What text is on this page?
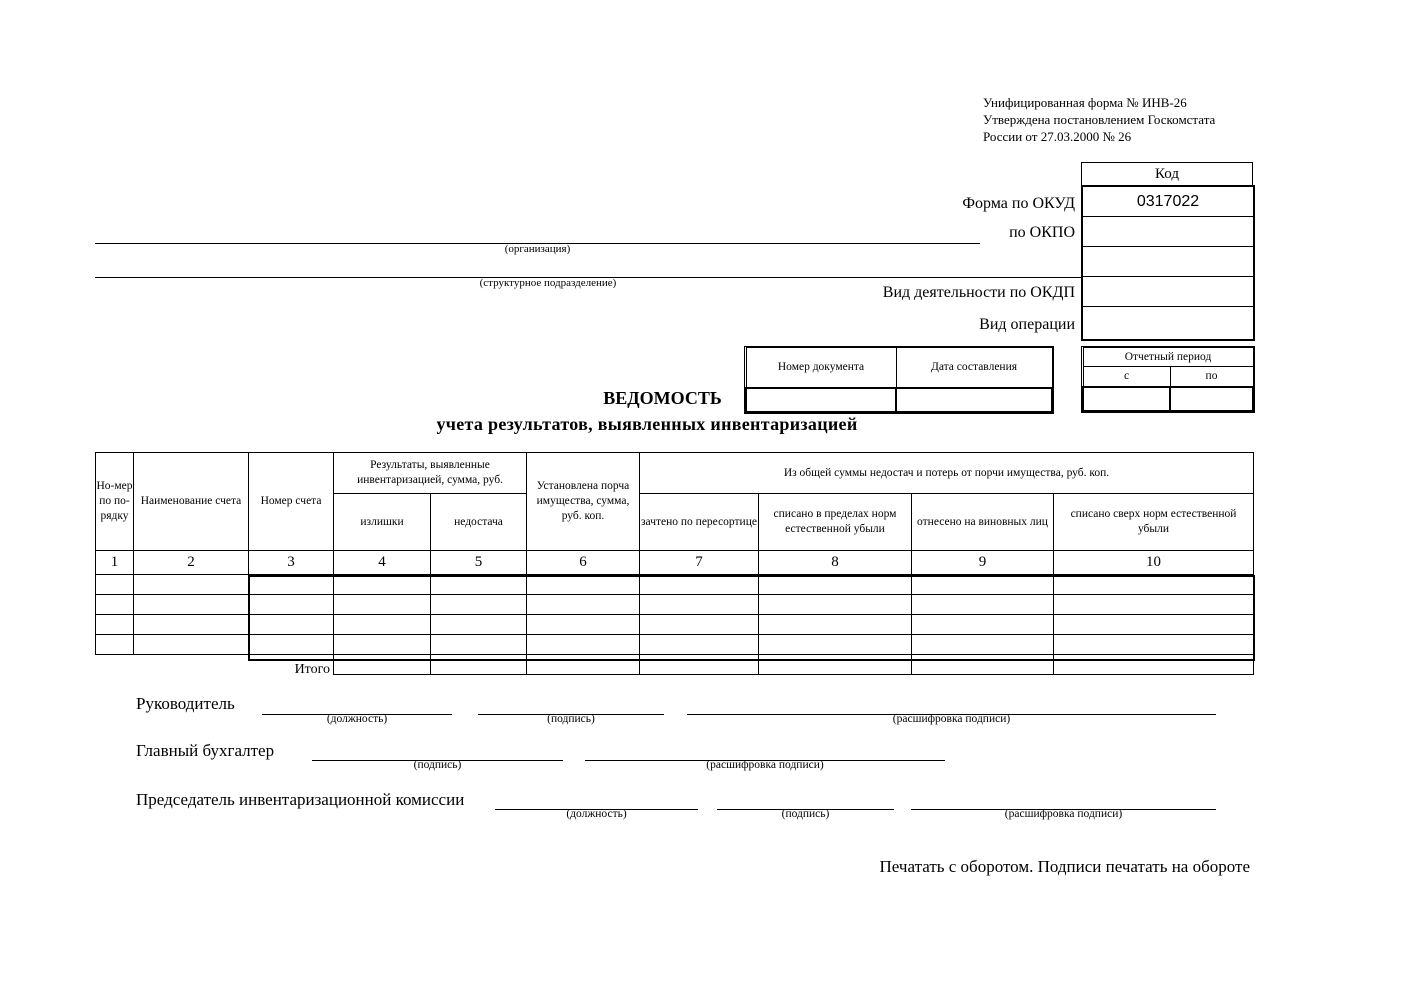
Унифицированная форма № ИНВ-26
Утверждена постановлением Госкомстата
России от 27.03.2000 № 26
Код
0317022
Форма по ОКУД
по ОКПО
Вид деятельности по ОКДП
Вид операции
(организация)
(структурное подразделение)
Номер документа	Дата составления

Отчетный период	
с	по

ВЕДОМОСТЬ
учета результатов, выявленных инвентаризацией
Но-мер по по-рядку	Наименование счета	Номер счета	Результаты, выявленные инвентаризацией, сумма, руб.		Установлена порча имущества, сумма, руб. коп.	Из общей суммы недостач и потерь от порчи имущества, руб. коп.			
			излишки	недостача		зачтено по пересортице	списано в пределах норм естественной убыли	отнесено на виновных лиц	списано сверх норм естественной убыли
1	2	3	4	5	6	7	8	9	10

Итого
Руководитель
(должность)	(подпись)	(расшифровка подписи)
Главный бухгалтер
(подпись)	(расшифровка подписи)
Председатель инвентаризационной комиссии
(должность)	(подпись)	(расшифровка подписи)
Печатать с оборотом. Подписи печатать на обороте
